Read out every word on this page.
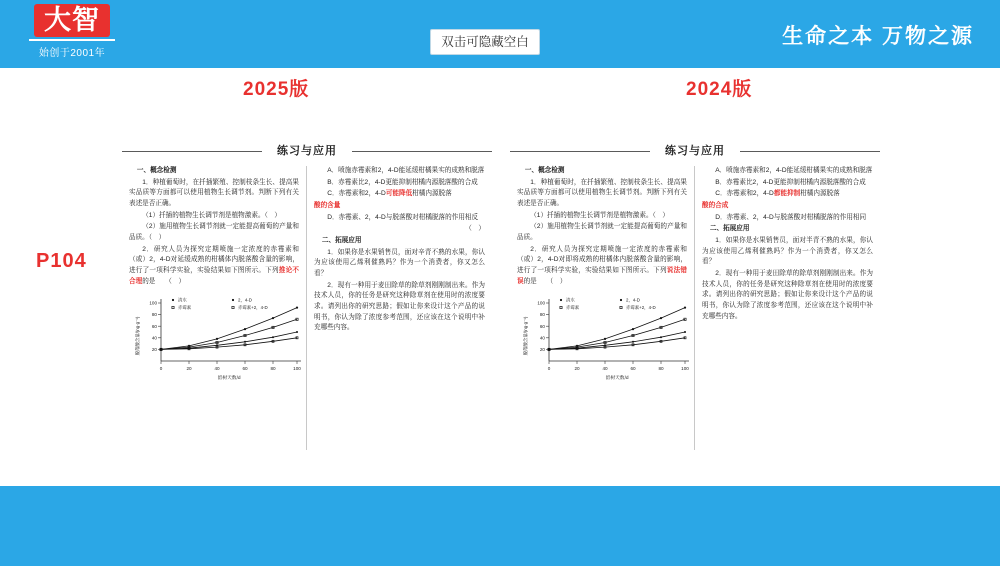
大智
始创于2001年
双击可隐藏空白	生命之本 万物之源
2025版	2024版
P104
练习与应用

一、概念检测

1．种植葡萄时，在扦插繁殖、控制枝条生长、提高果实品质等方面都可以使用植物生长调节剂。判断下列有关表述是否正确。

（1）扦插的植物生长调节剂是植物激素。（　）

（2）施用植物生长调节剂就一定能提高葡萄的产量和品质。（　）

2．研究人员为探究定期喷施一定浓度的赤霉素和（或）2，4-D对延缓成熟的柑橘体内脱落酸含量的影响，进行了一项科学实验，实验结果如下图所示。下列推论不合理的是　　（　）

20
40
60
80
100
0	20	40	60	80	100
脱落酸含量/(ng·g⁻¹)
留树天数/d
清水
赤霉素
2，4-D
赤霉素+2，4-D

A．喷施赤霉素和2，4-D能延缓柑橘果实的成熟和脱落

B．赤霉素比2，4-D更能抑制柑橘内源脱落酸的合成

C．赤霉素和2，4-D可能降低柑橘内源脱落

酸的含量

D．赤霉素、2，4-D与脱落酸对柑橘脱落的作用相反

（　）

二、拓展应用

1．如果你是水果销售员，面对辛青不熟的水果，你认为应该使用乙烯利催熟吗？作为一个消费者，你又怎么看？

2．现有一种用于麦田除草的除草剂刚刚制出来。作为技术人员，你的任务是研究这种除草剂在使用时的浓度要求。请列出你的研究思路；假如让你来设计这个产品的说明书，你认为除了浓度参考范围，还应该在这个说明中补充哪些内容。

练习与应用

一、概念检测

1．种植葡萄时，在扦插繁殖、控制枝条生长、提高果实品质等方面都可以使用植物生长调节剂。判断下列有关表述是否正确。

（1）扦插的植物生长调节剂是植物激素。（　）

（2）施用植物生长调节剂就一定能提高葡萄的产量和品质。

2．研究人员为探究定期喷施一定浓度的赤霉素和（或）2，4-D对即将成熟的柑橘体内脱落酸含量的影响，进行了一项科学实验，实验结果如下图所示。下列说法错误的是　　（　）

20
40
60
80
100
0	20	40	60	80	100
脱落酸含量/(ng·g⁻¹)
留树天数/d
清水
赤霉素
2，4-D
赤霉素+2，4-D

A．喷施赤霉素和2，4-D能延缓柑橘果实的成熟和脱落

B．赤霉素比2，4-D更能抑制柑橘内源脱落酸的合成

C．赤霉素和2，4-D都能抑制柑橘内源脱落

酸的合成

D．赤霉素、2，4-D与脱落酸对柑橘脱落的作用相同

二、拓展应用

1．如果你是水果销售员，面对半青不熟的水果，你认为应该使用乙烯利催熟吗？作为一个消费者，你又怎么看？

2．现有一种用于麦田除草的除草剂刚刚制出来。作为技术人员，你的任务是研究这种除草剂在使用时的浓度要求。请列出你的研究思路；假如让你来设计这个产品的说明书，你认为除了浓度参考范围，还应该在这个说明中补充哪些内容。
